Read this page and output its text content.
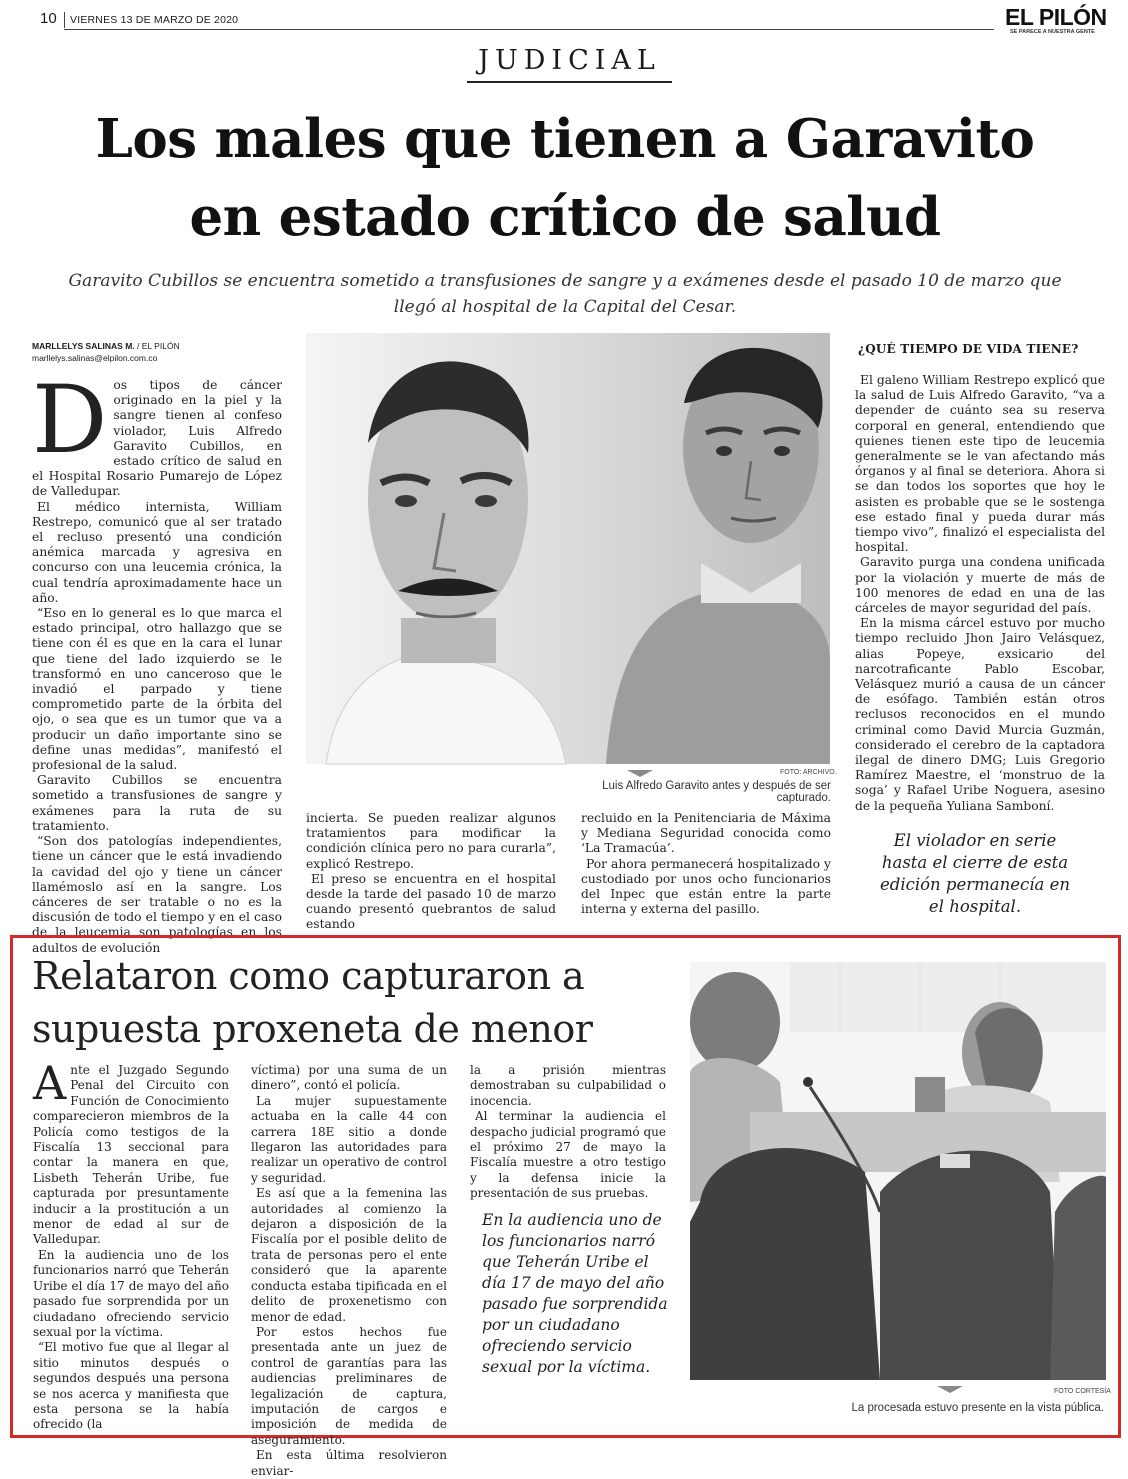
10 VIERNES 13 DE MARZO DE 2020	EL PILÓN
SE PARECE A NUESTRA GENTE
JUDICIAL
Los males que tienen a Garavito
en estado crítico de salud
Garavito Cubillos se encuentra sometido a transfusiones de sangre y a exámenes desde el pasado 10 de marzo que llegó al hospital de la Capital del Cesar.
MARLLELYS SALINAS M. / EL PILÓN
marllelys.salinas@elpilon.com.co
D os tipos de cáncer originado en la piel y la sangre tienen al confeso violador, Luis Alfredo Garavito Cubillos, en estado crítico de salud en el Hospital Rosario Pumarejo de López de Valledupar.

El médico internista, William Restrepo, comunicó que al ser tratado el recluso presentó una condición anémica marcada y agresiva en concurso con una leucemia crónica, la cual tendría aproximadamente hace un año.

“Eso en lo general es lo que marca el estado principal, otro hallazgo que se tiene con él es que en la cara el lunar que tiene del lado izquierdo se le transformó en uno canceroso que le invadió el parpado y tiene comprometido parte de la órbita del ojo, o sea que es un tumor que va a producir un daño importante sino se define unas medidas”, manifestó el profesional de la salud.

Garavito Cubillos se encuentra sometido a transfusiones de sangre y exámenes para la ruta de su tratamiento.

“Son dos patologías independientes, tiene un cáncer que le está invadiendo la cavidad del ojo y tiene un cáncer llamémoslo así en la sangre. Los cánceres de ser tratable o no es la discusión de todo el tiempo y en el caso de la leucemia son patologías en los adultos de evolución

FOTO: ARCHIVO.
Luis Alfredo Garavito antes y después de ser capturado.

incierta. Se pueden realizar algunos tratamientos para modificar la condición clínica pero no para curarla”, explicó Restrepo.

El preso se encuentra en el hospital desde la tarde del pasado 10 de marzo cuando presentó quebrantos de salud estando

recluido en la Penitenciaria de Máxima y Mediana Seguridad conocida como ‘La Tramacúa’.

Por ahora permanecerá hospitalizado y custodiado por unos ocho funcionarios del Inpec que están entre la parte interna y externa del pasillo.

¿QUÉ TIEMPO DE VIDA TIENE?

El galeno William Restrepo explicó que la salud de Luis Alfredo Garavito, “va a depender de cuánto sea su reserva corporal en general, entendiendo que quienes tienen este tipo de leucemia generalmente se le van afectando más órganos y al final se deteriora. Ahora si se dan todos los soportes que hoy le asisten es probable que se le sostenga ese estado final y pueda durar más tiempo vivo”, finalizó el especialista del hospital.

Garavito purga una condena unificada por la violación y muerte de más de 100 menores de edad en una de las cárceles de mayor seguridad del país.

En la misma cárcel estuvo por mucho tiempo recluido Jhon Jairo Velásquez, alias Popeye, exsicario del narcotraficante Pablo Escobar, Velásquez murió a causa de un cáncer de esófago. También están otros reclusos reconocidos en el mundo criminal como David Murcia Guzmán, considerado el cerebro de la captadora ilegal de dinero DMG; Luis Gregorio Ramírez Maestre, el ‘monstruo de la soga’ y Rafael Uribe Noguera, asesino de la pequeña Yuliana Samboní.

El violador en serie hasta el cierre de esta edición permanecía en el hospital.
Relataron como capturaron a
supuesta proxeneta de menor
A nte el Juzgado Segundo Penal del Circuito con Función de Conocimiento comparecieron miembros de la Policía como testigos de la Fiscalía 13 seccional para contar la manera en que, Lisbeth Teherán Uribe, fue capturada por presuntamente inducir a la prostitución a un menor de edad al sur de Valledupar.

En la audiencia uno de los funcionarios narró que Teherán Uribe el día 17 de mayo del año pasado fue sorprendida por un ciudadano ofreciendo servicio sexual por la víctima.

“El motivo fue que al llegar al sitio minutos después o segundos después una persona se nos acerca y manifiesta que esta persona se la había ofrecido (la

víctima) por una suma de un dinero”, contó el policía.

La mujer supuestamente actuaba en la calle 44 con carrera 18E sitio a donde llegaron las autoridades para realizar un operativo de control y seguridad.

Es así que a la femenina las autoridades al comienzo la dejaron a disposición de la Fiscalía por el posible delito de trata de personas pero el ente consideró que la aparente conducta estaba tipificada en el delito de proxenetismo con menor de edad.

Por estos hechos fue presentada ante un juez de control de garantías para las audiencias preliminares de legalización de captura, imputación de cargos e imposición de medida de aseguramiento.

En esta última resolvieron enviar-

la a prisión mientras demostraban su culpabilidad o inocencia.

Al terminar la audiencia el despacho judicial programó que el próximo 27 de mayo la Fiscalía muestre a otro testigo y la defensa inicie la presentación de sus pruebas.

En la audiencia uno de los funcionarios narró que Teherán Uribe el día 17 de mayo del año pasado fue sorprendida por un ciudadano ofreciendo servicio sexual por la víctima.
FOTO CORTESÍA
La procesada estuvo presente en la vista pública.
